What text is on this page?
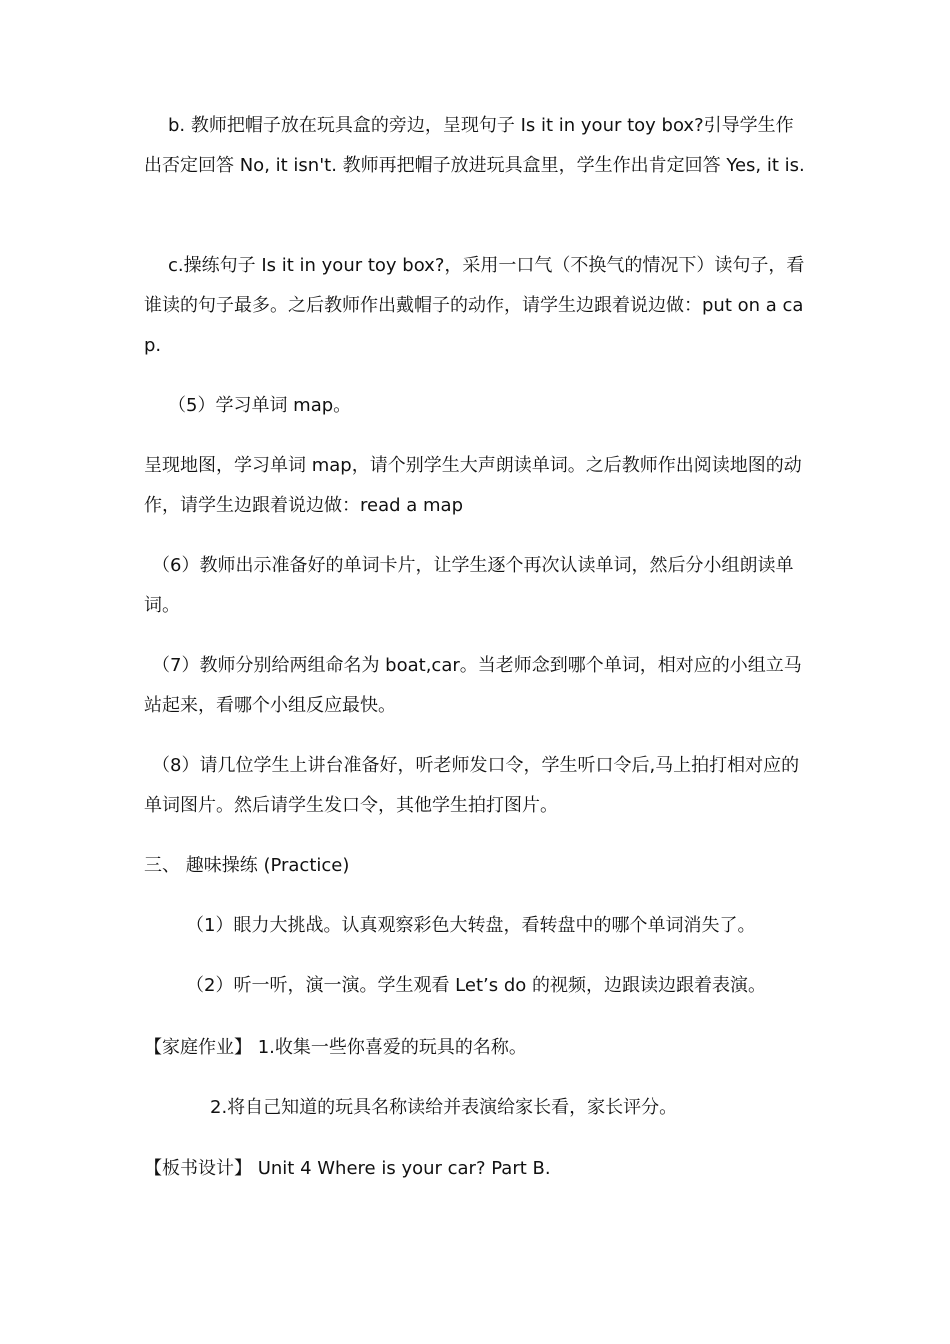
b. 教师把帽子放在玩具盒的旁边，呈现句子 Is it in your toy box?引导学生作出否定回答 No, it isn't. 教师再把帽子放进玩具盒里，学生作出肯定回答 Yes, it is.

c.操练句子 Is it in your toy box?，采用一口气（不换气的情况下）读句子，看谁读的句子最多。之后教师作出戴帽子的动作，请学生边跟着说边做：put on a cap.

（5）学习单词 map。

呈现地图，学习单词 map，请个别学生大声朗读单词。之后教师作出阅读地图的动作，请学生边跟着说边做：read a map

（6）教师出示准备好的单词卡片，让学生逐个再次认读单词，然后分小组朗读单词。

（7）教师分别给两组命名为 boat,car。当老师念到哪个单词，相对应的小组立马站起来，看哪个小组反应最快。

（8）请几位学生上讲台准备好，听老师发口令，学生听口令后,马上拍打相对应的单词图片。然后请学生发口令，其他学生拍打图片。

三、 趣味操练 (Practice)

（1）眼力大挑战。认真观察彩色大转盘，看转盘中的哪个单词消失了。

（2）听一听，演一演。学生观看 Let’s do 的视频，边跟读边跟着表演。

【家庭作业】 1.收集一些你喜爱的玩具的名称。

2.将自己知道的玩具名称读给并表演给家长看，家长评分。

【板书设计】 Unit 4 Where is your car? Part B.
